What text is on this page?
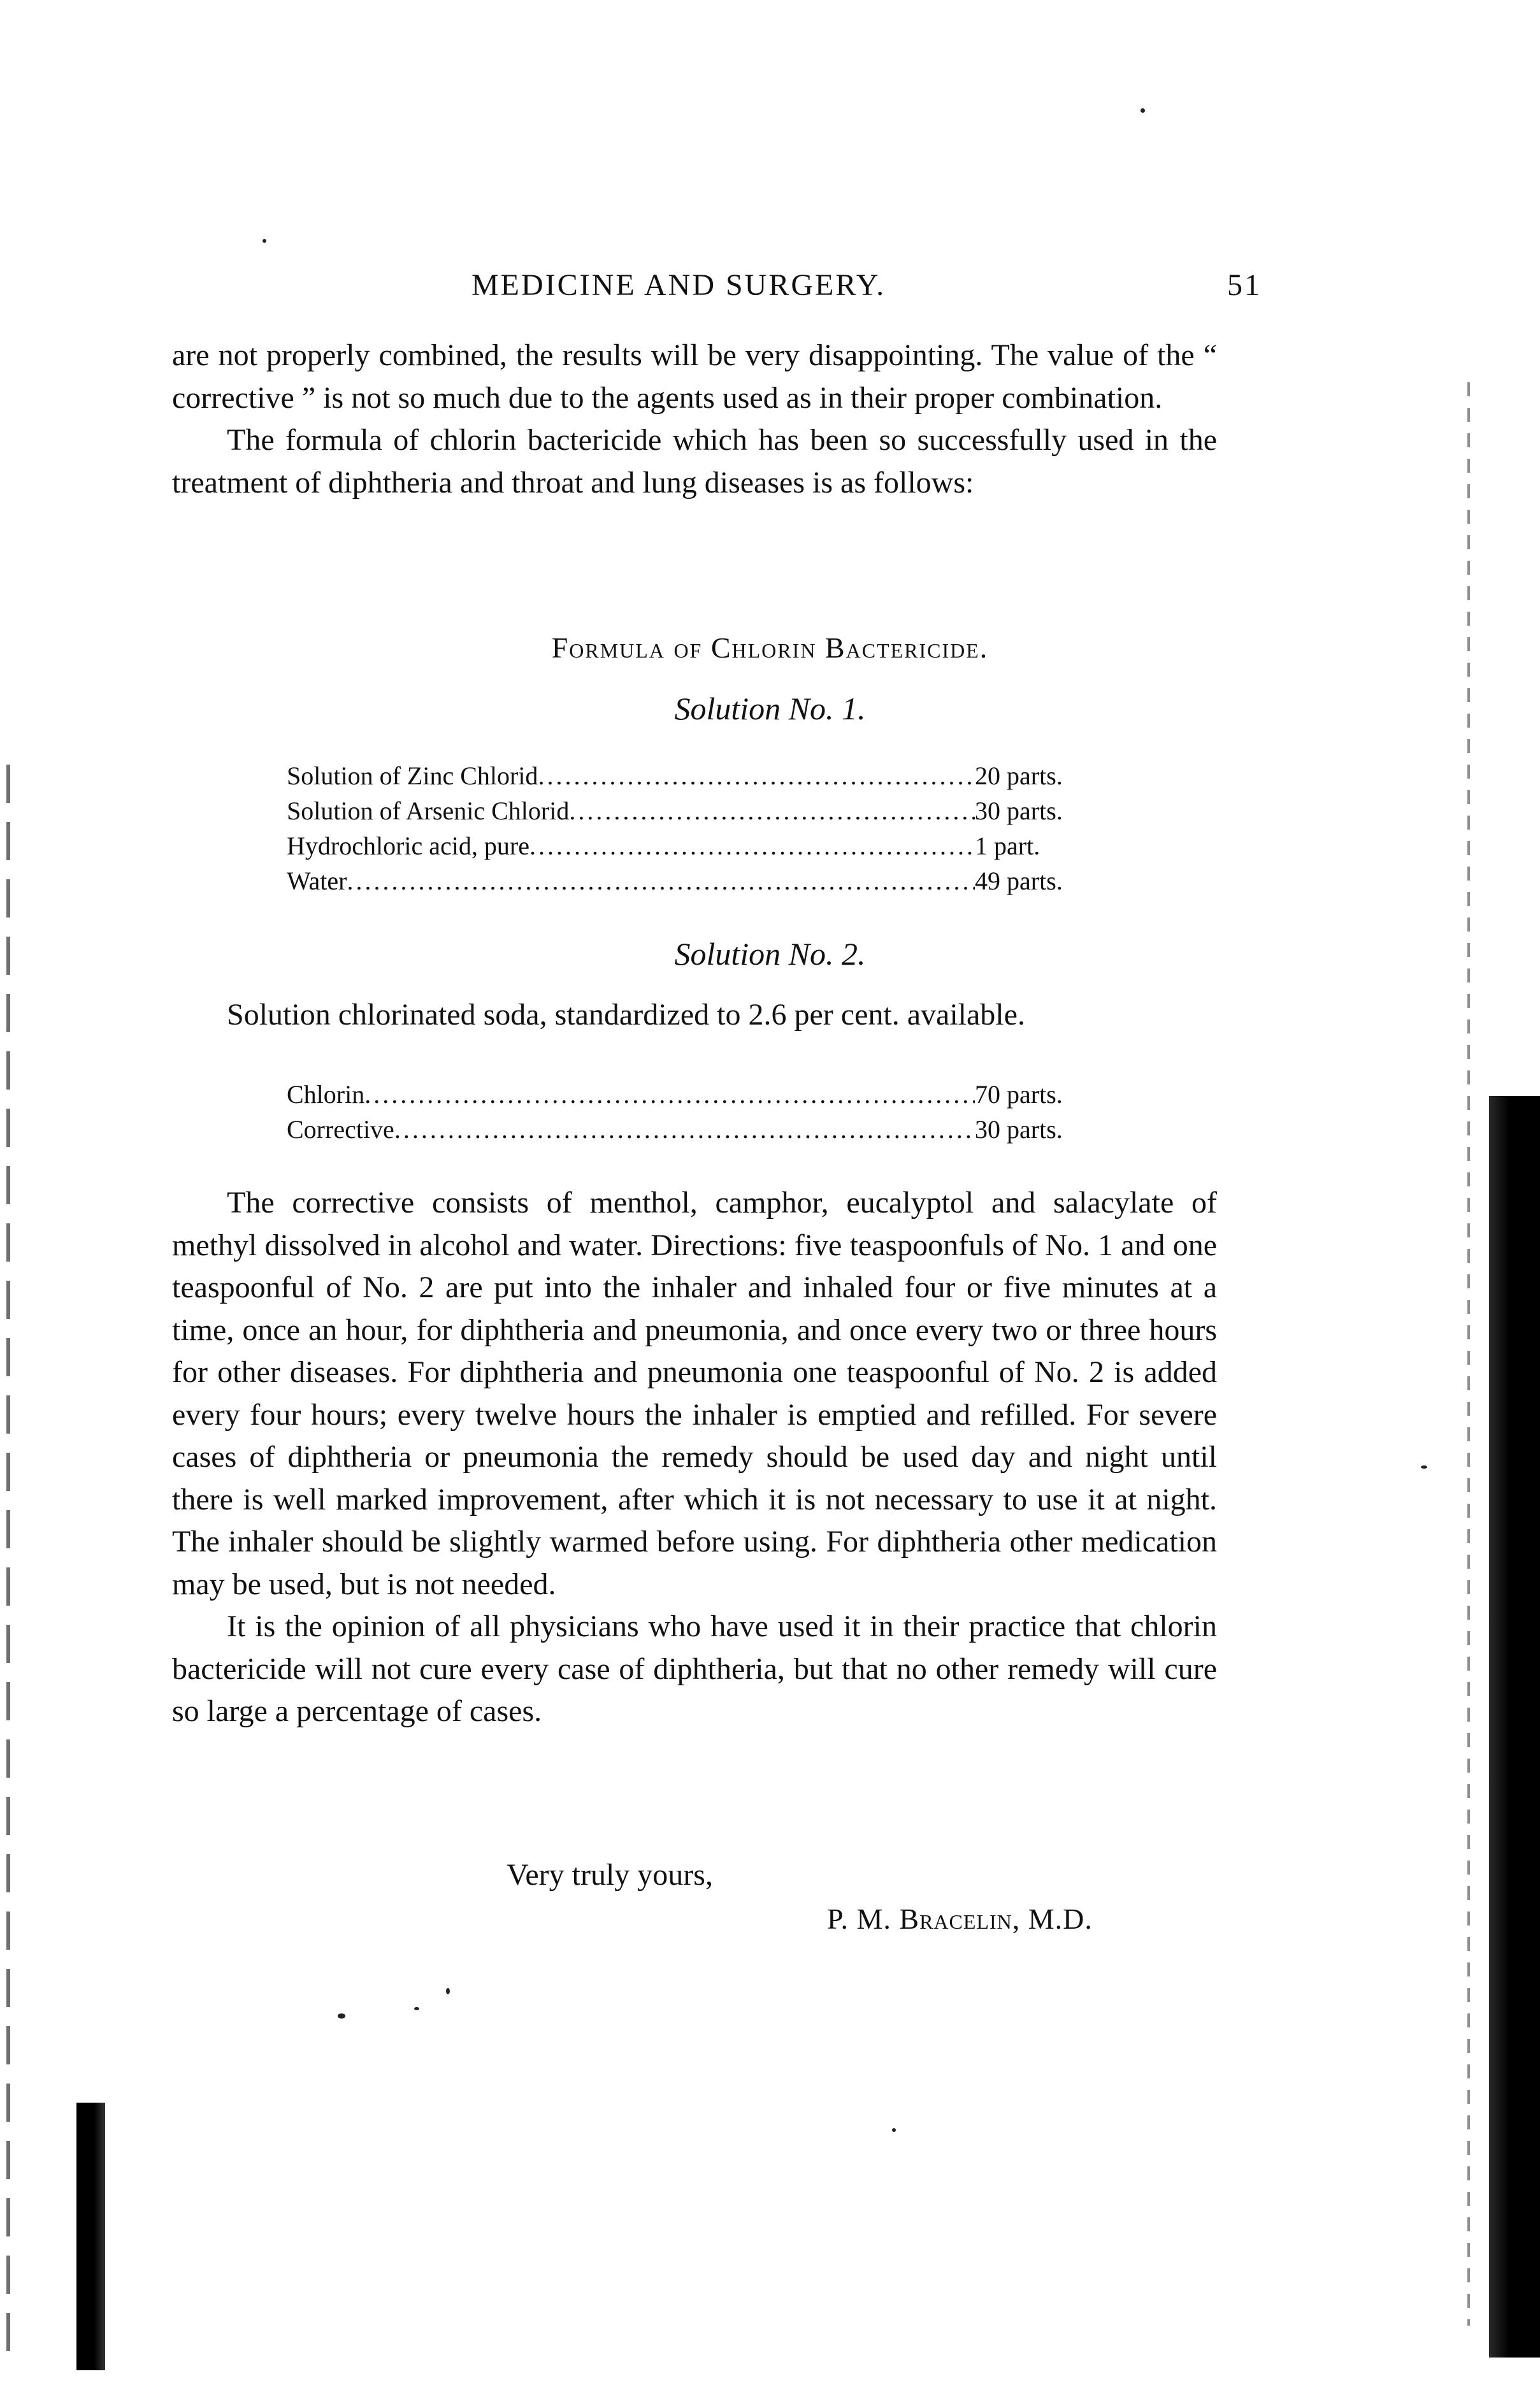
MEDICINE AND SURGERY.	51

are not properly combined, the results will be very disappointing. The value of the “ corrective ” is not so much due to the agents used as in their proper combination.

The formula of chlorin bactericide which has been so successfully used in the treatment of diphtheria and throat and lung diseases is as follows:

Formula of Chlorin Bactericide.
Solution No. 1.
Solution of Zinc Chlorid .....	20 parts.
Solution of Arsenic Chlorid .....	30 parts.
Hydrochloric acid, pure .....	1 part.
Water .....	49 parts.
Solution No. 2.

Solution chlorinated soda, standardized to 2.6 per cent. available.

Chlorin .....	70 parts.
Corrective .....	30 parts.

The corrective consists of menthol, camphor, eucalyptol and salacylate of methyl dissolved in alcohol and water. Directions: five teaspoonfuls of No. 1 and one teaspoonful of No. 2 are put into the inhaler and inhaled four or five minutes at a time, once an hour, for diphtheria and pneumonia, and once every two or three hours for other diseases. For diphtheria and pneumonia one teaspoonful of No. 2 is added every four hours; every twelve hours the inhaler is emptied and refilled. For severe cases of diphtheria or pneumonia the remedy should be used day and night until there is well marked improvement, after which it is not necessary to use it at night. The inhaler should be slightly warmed before using. For diphtheria other medication may be used, but is not needed.

It is the opinion of all physicians who have used it in their practice that chlorin bactericide will not cure every case of diphtheria, but that no other remedy will cure so large a percentage of cases.

Very truly yours,
P. M. Bracelin, M.D.
